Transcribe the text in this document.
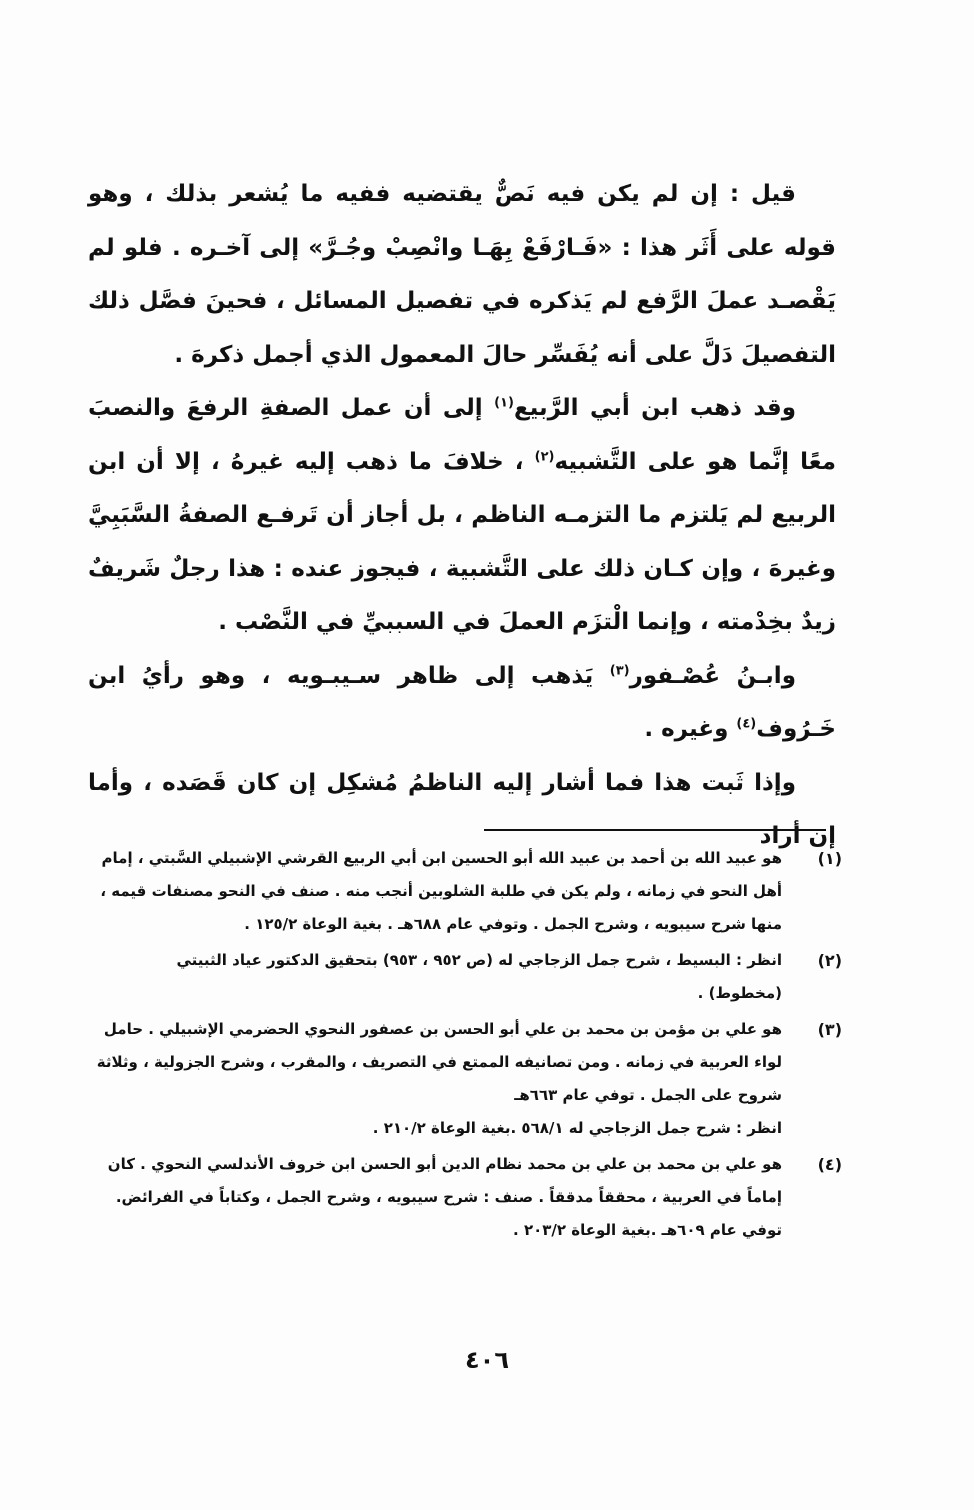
قيل : إن لم يكن فيه نَصٌّ يقتضيه ففيه ما يُشعر بذلك ، وهو قوله على أَثَر هذا : «فَـارْفَعْ بِهَـا وانْصِبْ وجُـرَّ» إلى آخـره . فلو لم يَقْصـد عملَ الرَّفع لم يَذكره في تفصيل المسائل ، فحينَ فصَّل ذلك التفصيلَ دَلَّ على أنه يُفَسِّر حالَ المعمول الذي أجمل ذكرهَ .

وقد ذهب ابن أبي الرَّبيع$^{(١)}$ إلى أن عمل الصفةِ الرفعَ والنصبَ معًا إنَّما هو على التَّشبيه$^{(٢)}$ ، خلافَ ما ذهب إليه غيرهُ ، إلا أن ابن الربيع لم يَلتزم ما التزمـه الناظم ، بل أجاز أن تَرفـع الصفةُ السَّبَبِيَّ وغيرهَ ، وإن كـان ذلك على التَّشبية ، فيجوز عنده : هذا رجلٌ شَريفٌ زيدٌ بخِدْمته ، وإنما الْتزَم العملَ في السببيِّ في النَّصْب .

وابـنُ عُصْـفور$^{(٣)}$ يَذهب إلى ظاهر سـيبـويه ، وهو رأيُ ابن خَـرُوف$^{(٤)}$ وغيره .

وإذا ثَبت هذا فما أشار إليه الناظمُ مُشكِل إن كان قَصَده ، وأما إن أراد

(١)
هو عبيد الله بن أحمد بن عبيد الله أبو الحسين ابن أبي الربيع القرشي الإشبيلي السَّبتي ، إمام
أهل النحو في زمانه ، ولم يكن في طلبة الشلوبين أنجب منه . صنف في النحو مصنفات قيمه ،
منها شرح سيبويه ، وشرح الجمل . وتوفي عام ٦٨٨هـ . بغية الوعاة ١٢٥/٢ .
(٢)
انظر : البسيط ، شرح جمل الزجاجي له (ص ٩٥٢ ، ٩٥٣) بتحقيق الدكتور عياد الثبيتي
(مخطوط) .
(٣)
هو علي بن مؤمن بن محمد بن علي أبو الحسن بن عصفور النحوي الحضرمي الإشبيلي . حامل
لواء العربية في زمانه . ومن تصانيفه الممتع في التصريف ، والمقرب ، وشرح الجزولية ، وثلاثة
شروح على الجمل . توفي عام ٦٦٣هـ
انظر : شرح جمل الزجاجي له ٥٦٨/١ .بغية الوعاة ٢١٠/٢ .
(٤)
هو علي بن محمد بن علي بن محمد نظام الدين أبو الحسن ابن خروف الأندلسي النحوي . كان
إماماً في العربية ، محققاً مدققاً . صنف : شرح سيبويه ، وشرح الجمل ، وكتاباً في الفرائض.
توفي عام ٦٠٩هـ .بغية الوعاة ٢٠٣/٢ .
٤٠٦
